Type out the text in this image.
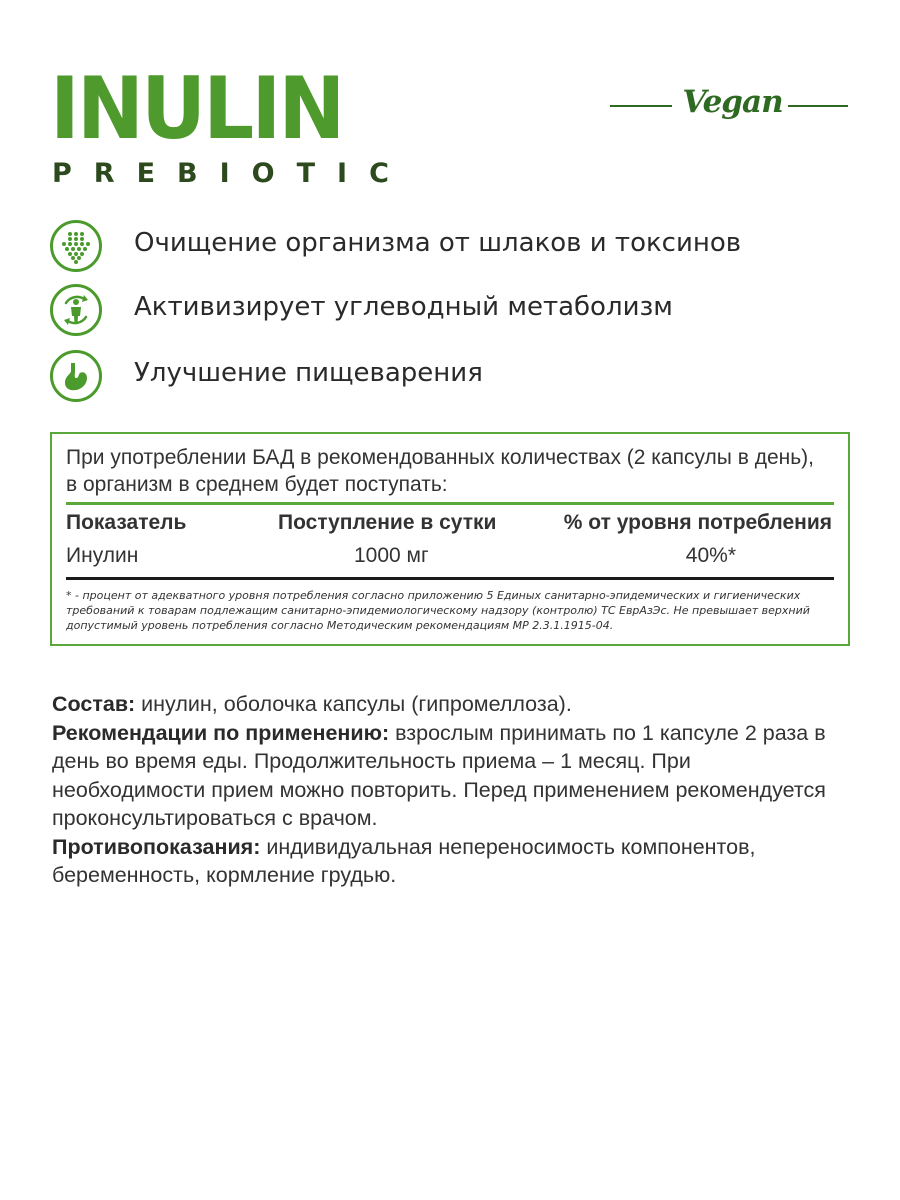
INULIN
PREBIOTIC
Vegan
Очищение организма от шлаков и токсинов
Активизирует углеводный метаболизм
Улучшение пищеварения
При употреблении БАД в рекомендованных количествах (2 капсулы в день), в организм в среднем будет поступать:
Показатель	Поступление в сутки	% от уровня потребления
Инулин	1000 мг	40%*
* - процент от адекватного уровня потребления согласно приложению 5 Единых санитарно-эпидемических и гигиенических требований к товарам подлежащим санитарно-эпидемиологическому надзору (контролю) ТС ЕврАзЭс. Не превышает верхний допустимый уровень потребления согласно Методическим рекомендациям МР 2.3.1.1915-04.

Состав: инулин, оболочка капсулы (гипромеллоза).

Рекомендации по применению: взрослым принимать по 1 капсуле 2 раза в день во время еды. Продолжительность приема – 1 месяц. При необходимости прием можно повторить. Перед применением рекомендуется проконсультироваться с врачом.

Противопоказания: индивидуальная непереносимость компонентов, беременность, кормление грудью.
